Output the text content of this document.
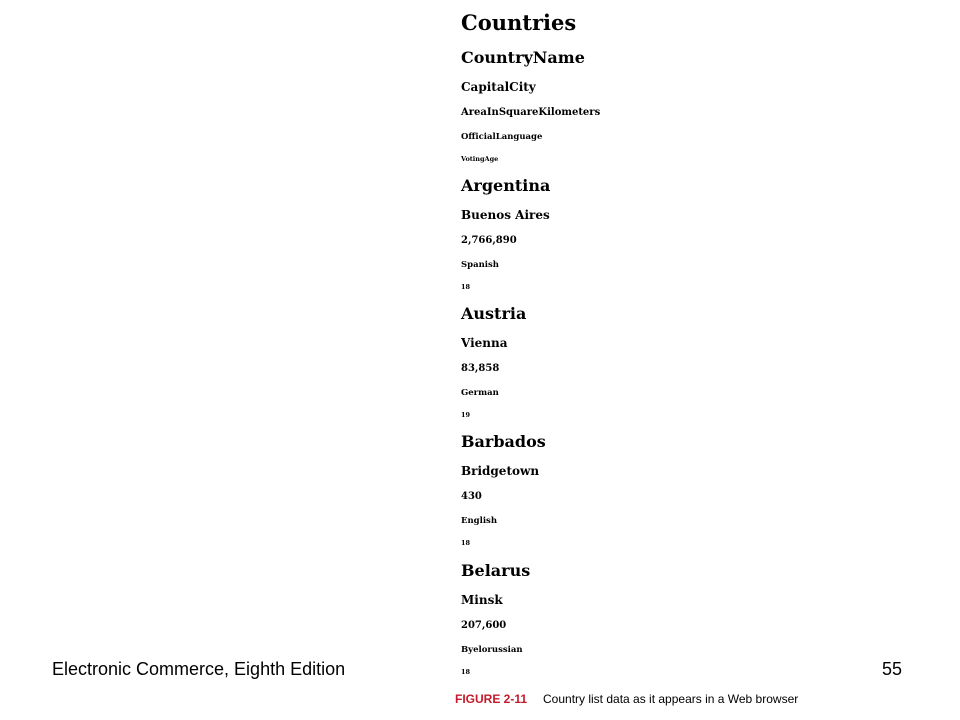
Countries
CountryName
CapitalCity
AreaInSquareKilometers
OfficialLanguage
VotingAge
Argentina
Buenos Aires
2,766,890
Spanish
18
Austria
Vienna
83,858
German
19
Barbados
Bridgetown
430
English
18
Belarus
Minsk
207,600
Byelorussian
18
Electronic Commerce, Eighth Edition	55
FIGURE 2-11 Country list data as it appears in a Web browser
